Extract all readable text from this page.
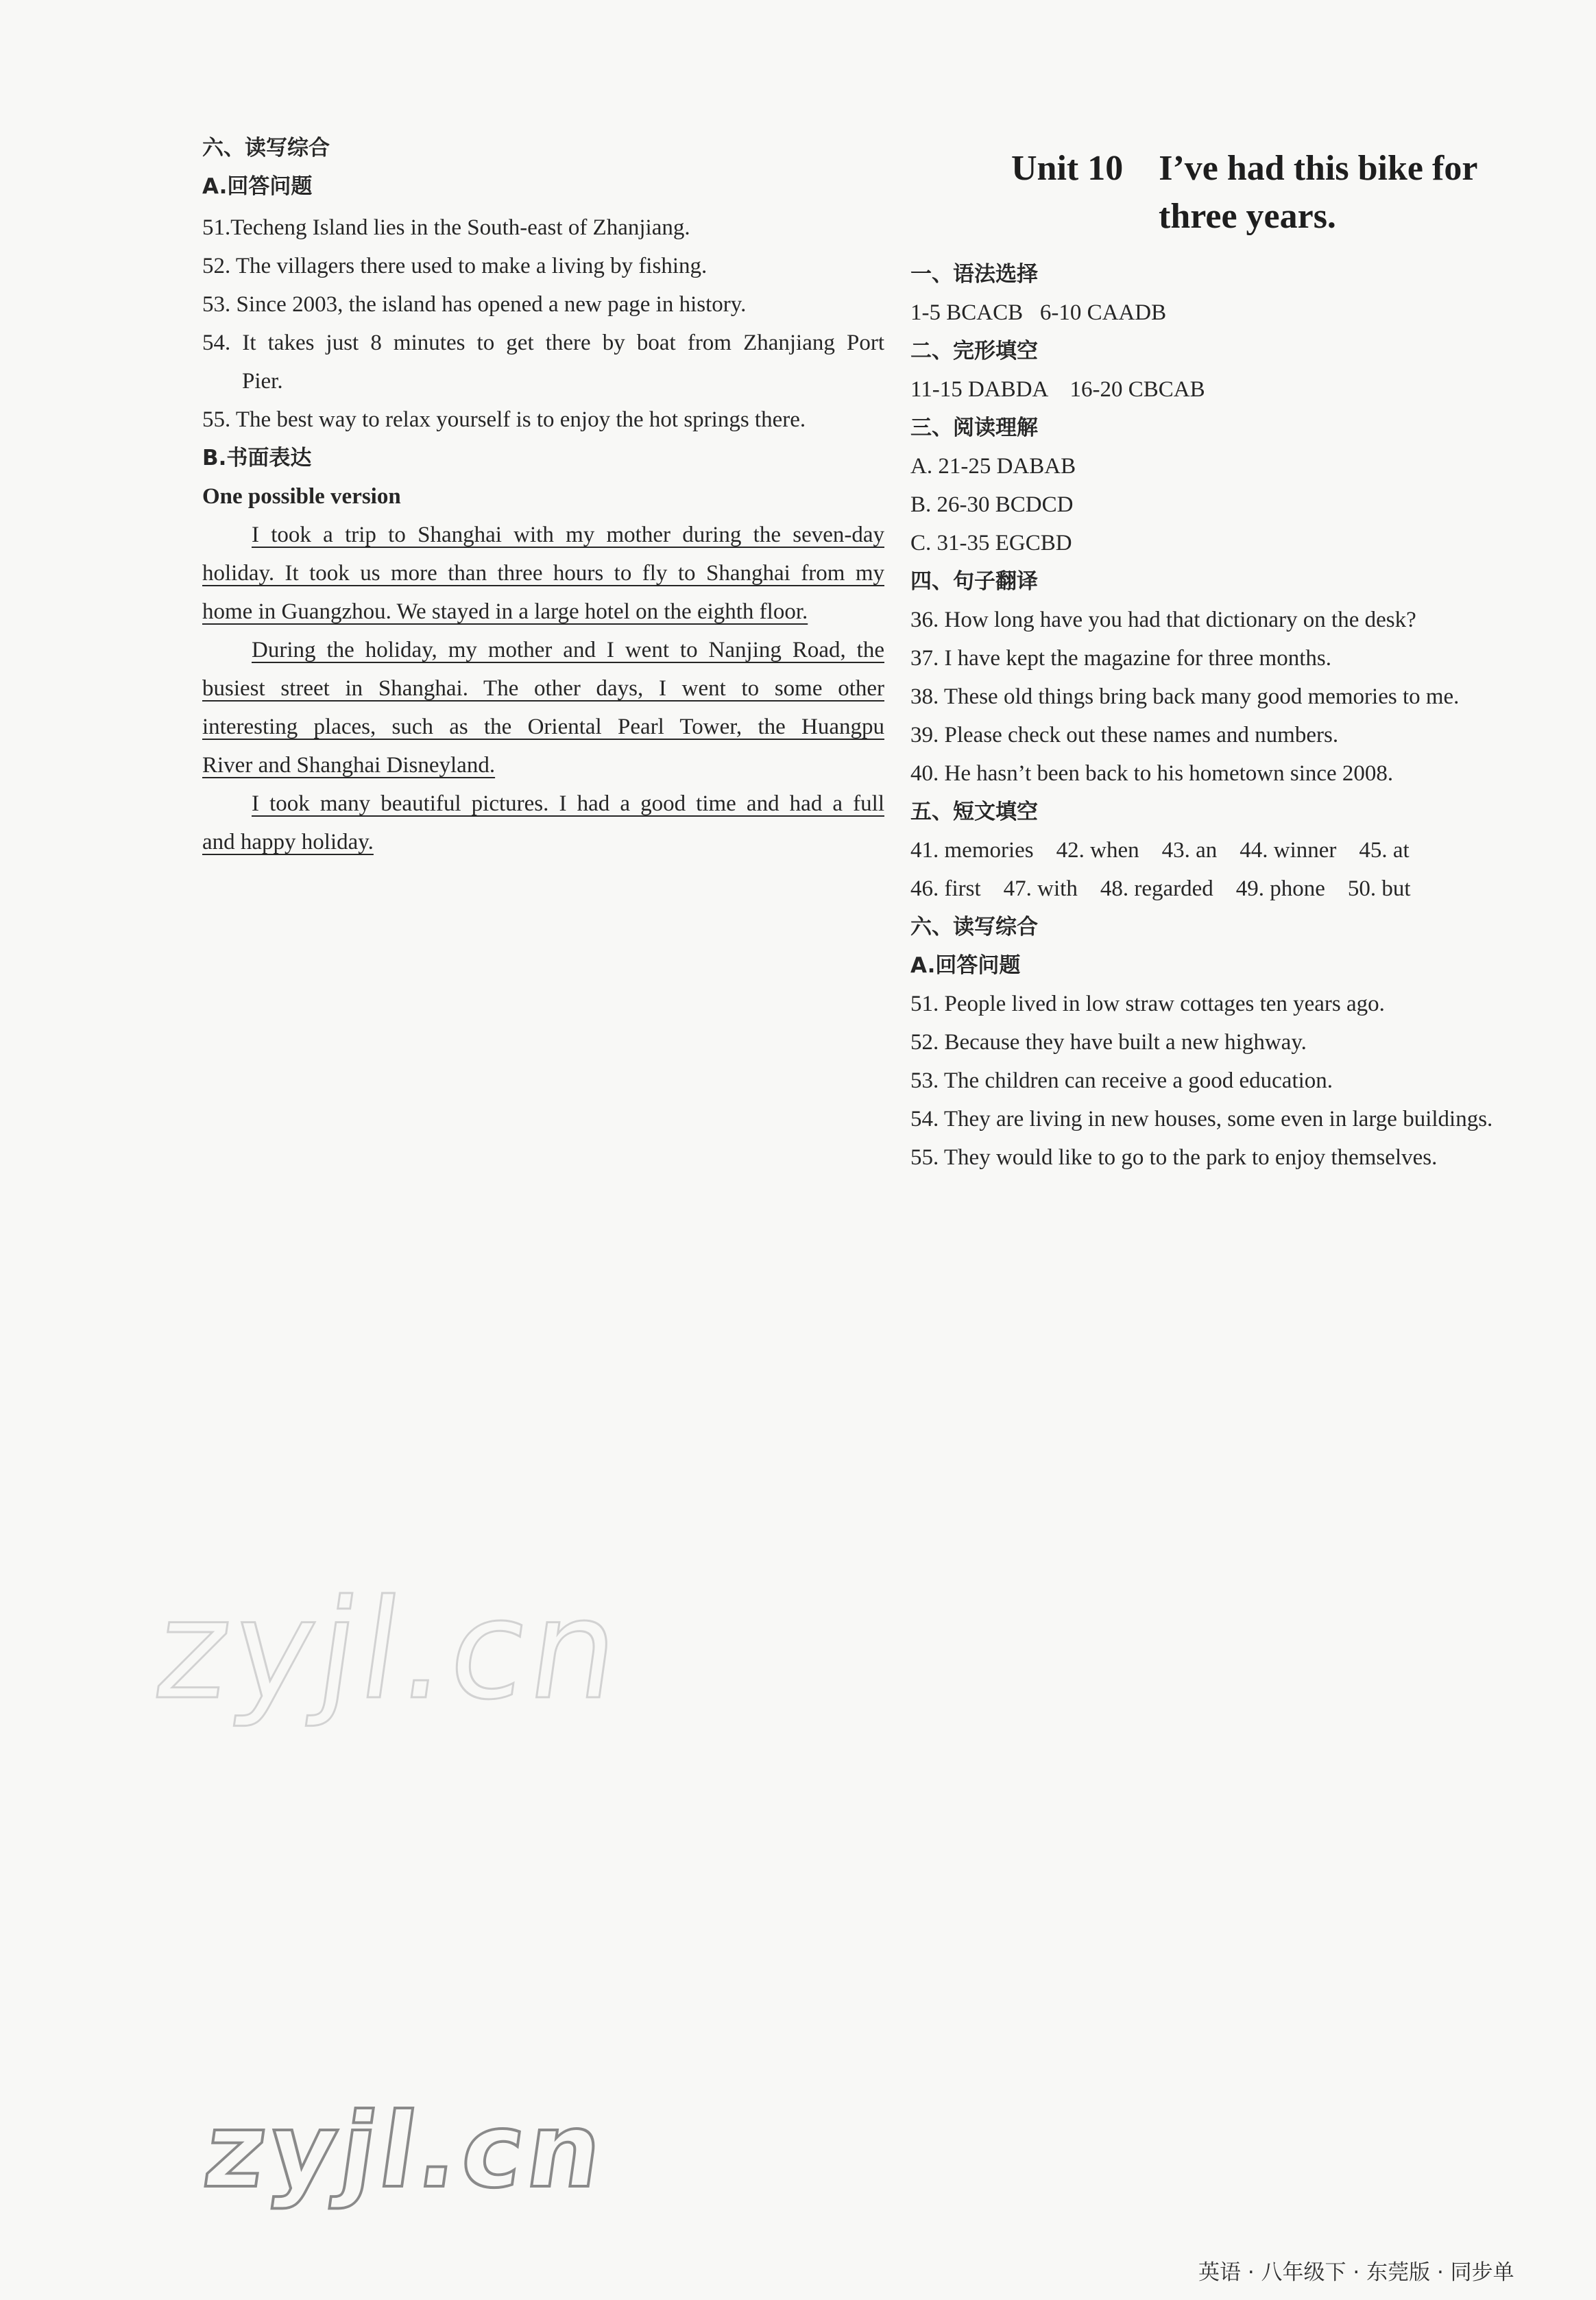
六、读写综合
A.回答问题
51.Techeng Island lies in the South-east of Zhanjiang.
52. The villagers there used to make a living by fishing.
53. Since 2003, the island has opened a new page in history.
54. It takes just 8 minutes to get there by boat from Zhanjiang Port
Pier.
55. The best way to relax yourself is to enjoy the hot springs there.
B.书面表达
One possible version
I took a trip to Shanghai with my mother during the seven-day
holiday. It took us more than three hours to fly to Shanghai from my
home in Guangzhou. We stayed in a large hotel on the eighth floor.
During the holiday, my mother and I went to Nanjing Road, the
busiest street in Shanghai. The other days, I went to some other
interesting places, such as the Oriental Pearl Tower, the Huangpu
River and Shanghai Disneyland.
I took many beautiful pictures. I had a good time and had a full
and happy holiday.
Unit 10    I’ve had this bike for
three years.
一、语法选择
1-5 BCACB   6-10 CAADB
二、完形填空
11-15 DABDA    16-20 CBCAB
三、阅读理解
A. 21-25 DABAB
B. 26-30 BCDCD
C. 31-35 EGCBD
四、句子翻译
36. How long have you had that dictionary on the desk?
37. I have kept the magazine for three months.
38. These old things bring back many good memories to me.
39. Please check out these names and numbers.
40. He hasn’t been back to his hometown since 2008.
五、短文填空
41. memories    42. when    43. an    44. winner    45. at
46. first    47. with    48. regarded    49. phone    50. but
六、读写综合
A.回答问题
51. People lived in low straw cottages ten years ago.
52. Because they have built a new highway.
53. The children can receive a good education.
54. They are living in new houses, some even in large buildings.
55. They would like to go to the park to enjoy themselves.
zyjl.cn
zyjl.cn
英语 · 八年级下 · 东莞版 · 同步单
